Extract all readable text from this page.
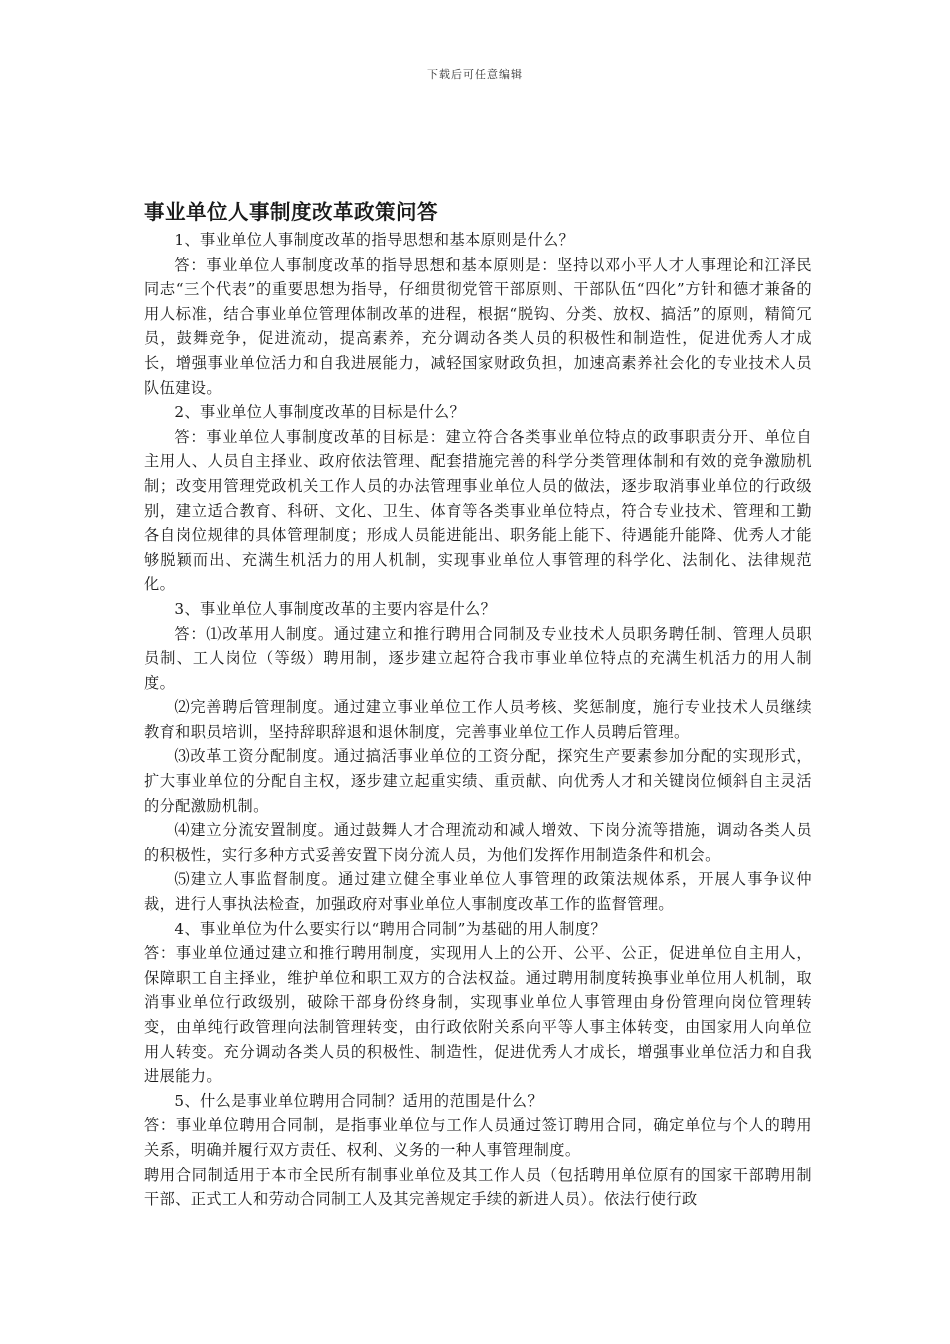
下载后可任意编辑
事业单位人事制度改革政策问答

1、事业单位人事制度改革的指导思想和基本原则是什么？

答：事业单位人事制度改革的指导思想和基本原则是：坚持以邓小平人才人事理论和江泽民同志“三个代表”的重要思想为指导，仔细贯彻党管干部原则、干部队伍“四化”方针和德才兼备的用人标准，结合事业单位管理体制改革的进程，根据“脱钩、分类、放权、搞活”的原则，精简冗员，鼓舞竞争，促进流动，提高素养，充分调动各类人员的积极性和制造性，促进优秀人才成长，增强事业单位活力和自我进展能力，减轻国家财政负担，加速高素养社会化的专业技术人员队伍建设。

2、事业单位人事制度改革的目标是什么？

答：事业单位人事制度改革的目标是：建立符合各类事业单位特点的政事职责分开、单位自主用人、人员自主择业、政府依法管理、配套措施完善的科学分类管理体制和有效的竞争激励机制；改变用管理党政机关工作人员的办法管理事业单位人员的做法，逐步取消事业单位的行政级别，建立适合教育、科研、文化、卫生、体育等各类事业单位特点，符合专业技术、管理和工勤各自岗位规律的具体管理制度；形成人员能进能出、职务能上能下、待遇能升能降、优秀人才能够脱颖而出、充满生机活力的用人机制，实现事业单位人事管理的科学化、法制化、法律规范化。

3、事业单位人事制度改革的主要内容是什么？

答：⑴改革用人制度。通过建立和推行聘用合同制及专业技术人员职务聘任制、管理人员职员制、工人岗位（等级）聘用制，逐步建立起符合我市事业单位特点的充满生机活力的用人制度。

⑵完善聘后管理制度。通过建立事业单位工作人员考核、奖惩制度，施行专业技术人员继续教育和职员培训，坚持辞职辞退和退休制度，完善事业单位工作人员聘后管理。

⑶改革工资分配制度。通过搞活事业单位的工资分配，探究生产要素参加分配的实现形式，扩大事业单位的分配自主权，逐步建立起重实绩、重贡献、向优秀人才和关键岗位倾斜自主灵活的分配激励机制。

⑷建立分流安置制度。通过鼓舞人才合理流动和减人增效、下岗分流等措施，调动各类人员的积极性，实行多种方式妥善安置下岗分流人员，为他们发挥作用制造条件和机会。

⑸建立人事监督制度。通过建立健全事业单位人事管理的政策法规体系，开展人事争议仲裁，进行人事执法检查，加强政府对事业单位人事制度改革工作的监督管理。

4、事业单位为什么要实行以“聘用合同制”为基础的用人制度？

答：事业单位通过建立和推行聘用制度，实现用人上的公开、公平、公正，促进单位自主用人，保障职工自主择业，维护单位和职工双方的合法权益。通过聘用制度转换事业单位用人机制，取消事业单位行政级别，破除干部身份终身制，实现事业单位人事管理由身份管理向岗位管理转变，由单纯行政管理向法制管理转变，由行政依附关系向平等人事主体转变，由国家用人向单位用人转变。充分调动各类人员的积极性、制造性，促进优秀人才成长，增强事业单位活力和自我进展能力。

5、什么是事业单位聘用合同制？适用的范围是什么？

答：事业单位聘用合同制，是指事业单位与工作人员通过签订聘用合同，确定单位与个人的聘用关系，明确并履行双方责任、权利、义务的一种人事管理制度。

聘用合同制适用于本市全民所有制事业单位及其工作人员（包括聘用单位原有的国家干部聘用制干部、正式工人和劳动合同制工人及其完善规定手续的新进人员）。依法行使行政
